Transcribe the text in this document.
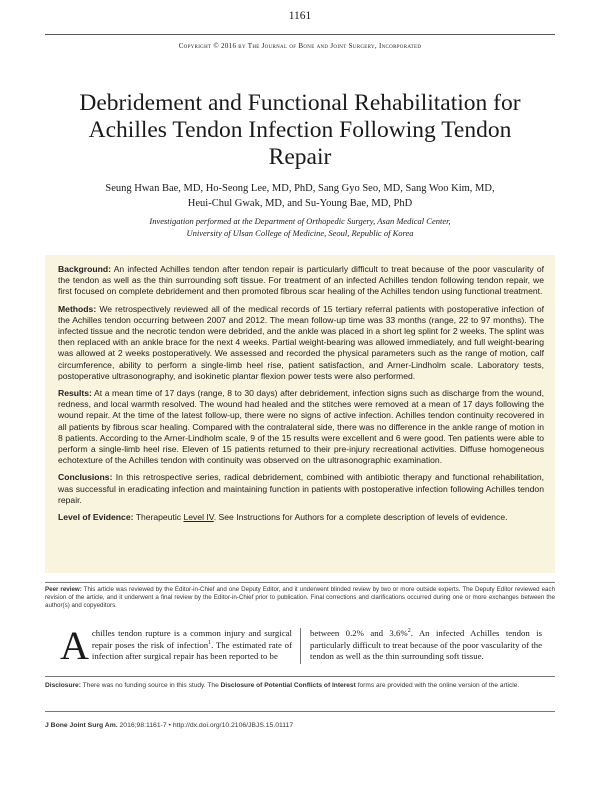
1161
Copyright © 2016 by The Journal of Bone and Joint Surgery, Incorporated
Debridement and Functional Rehabilitation for Achilles Tendon Infection Following Tendon Repair
Seung Hwan Bae, MD, Ho-Seong Lee, MD, PhD, Sang Gyo Seo, MD, Sang Woo Kim, MD,
Heui-Chul Gwak, MD, and Su-Young Bae, MD, PhD
Investigation performed at the Department of Orthopedic Surgery, Asan Medical Center,
University of Ulsan College of Medicine, Seoul, Republic of Korea

Background: An infected Achilles tendon after tendon repair is particularly difficult to treat because of the poor vascularity of the tendon as well as the thin surrounding soft tissue. For treatment of an infected Achilles tendon following tendon repair, we first focused on complete debridement and then promoted fibrous scar healing of the Achilles tendon using functional treatment.

Methods: We retrospectively reviewed all of the medical records of 15 tertiary referral patients with postoperative infection of the Achilles tendon occurring between 2007 and 2012. The mean follow-up time was 33 months (range, 22 to 97 months). The infected tissue and the necrotic tendon were debrided, and the ankle was placed in a short leg splint for 2 weeks. The splint was then replaced with an ankle brace for the next 4 weeks. Partial weight-bearing was allowed immediately, and full weight-bearing was allowed at 2 weeks postoperatively. We assessed and recorded the physical parameters such as the range of motion, calf circumference, ability to perform a single-limb heel rise, patient satisfaction, and Arner-Lindholm scale. Laboratory tests, postoperative ultrasonography, and isokinetic plantar flexion power tests were also performed.

Results: At a mean time of 17 days (range, 8 to 30 days) after debridement, infection signs such as discharge from the wound, redness, and local warmth resolved. The wound had healed and the stitches were removed at a mean of 17 days following the wound repair. At the time of the latest follow-up, there were no signs of active infection. Achilles tendon continuity recovered in all patients by fibrous scar healing. Compared with the contralateral side, there was no difference in the ankle range of motion in 8 patients. According to the Arner-Lindholm scale, 9 of the 15 results were excellent and 6 were good. Ten patients were able to perform a single-limb heel rise. Eleven of 15 patients returned to their pre-injury recreational activities. Diffuse homogeneous echotexture of the Achilles tendon with continuity was observed on the ultrasonographic examination.

Conclusions: In this retrospective series, radical debridement, combined with antibiotic therapy and functional rehabilitation, was successful in eradicating infection and maintaining function in patients with postoperative infection following Achilles tendon repair.

Level of Evidence: Therapeutic Level IV. See Instructions for Authors for a complete description of levels of evidence.

Peer review: This article was reviewed by the Editor-in-Chief and one Deputy Editor, and it underwent blinded review by two or more outside experts. The Deputy Editor reviewed each revision of the article, and it underwent a final review by the Editor-in-Chief prior to publication. Final corrections and clarifications occurred during one or more exchanges between the author(s) and copyeditors.
Achilles tendon rupture is a common injury and surgical repair poses the risk of infection$^1$. The estimated rate of infection after surgical repair has been reported to be
between 0.2% and 3.6%$^2$. An infected Achilles tendon is particularly difficult to treat because of the poor vascularity of the tendon as well as the thin surrounding soft tissue.
Disclosure: There was no funding source in this study. The Disclosure of Potential Conflicts of Interest forms are provided with the online version of the article.
J Bone Joint Surg Am. 2016;98:1161-7 • http://dx.doi.org/10.2106/JBJS.15.01117
